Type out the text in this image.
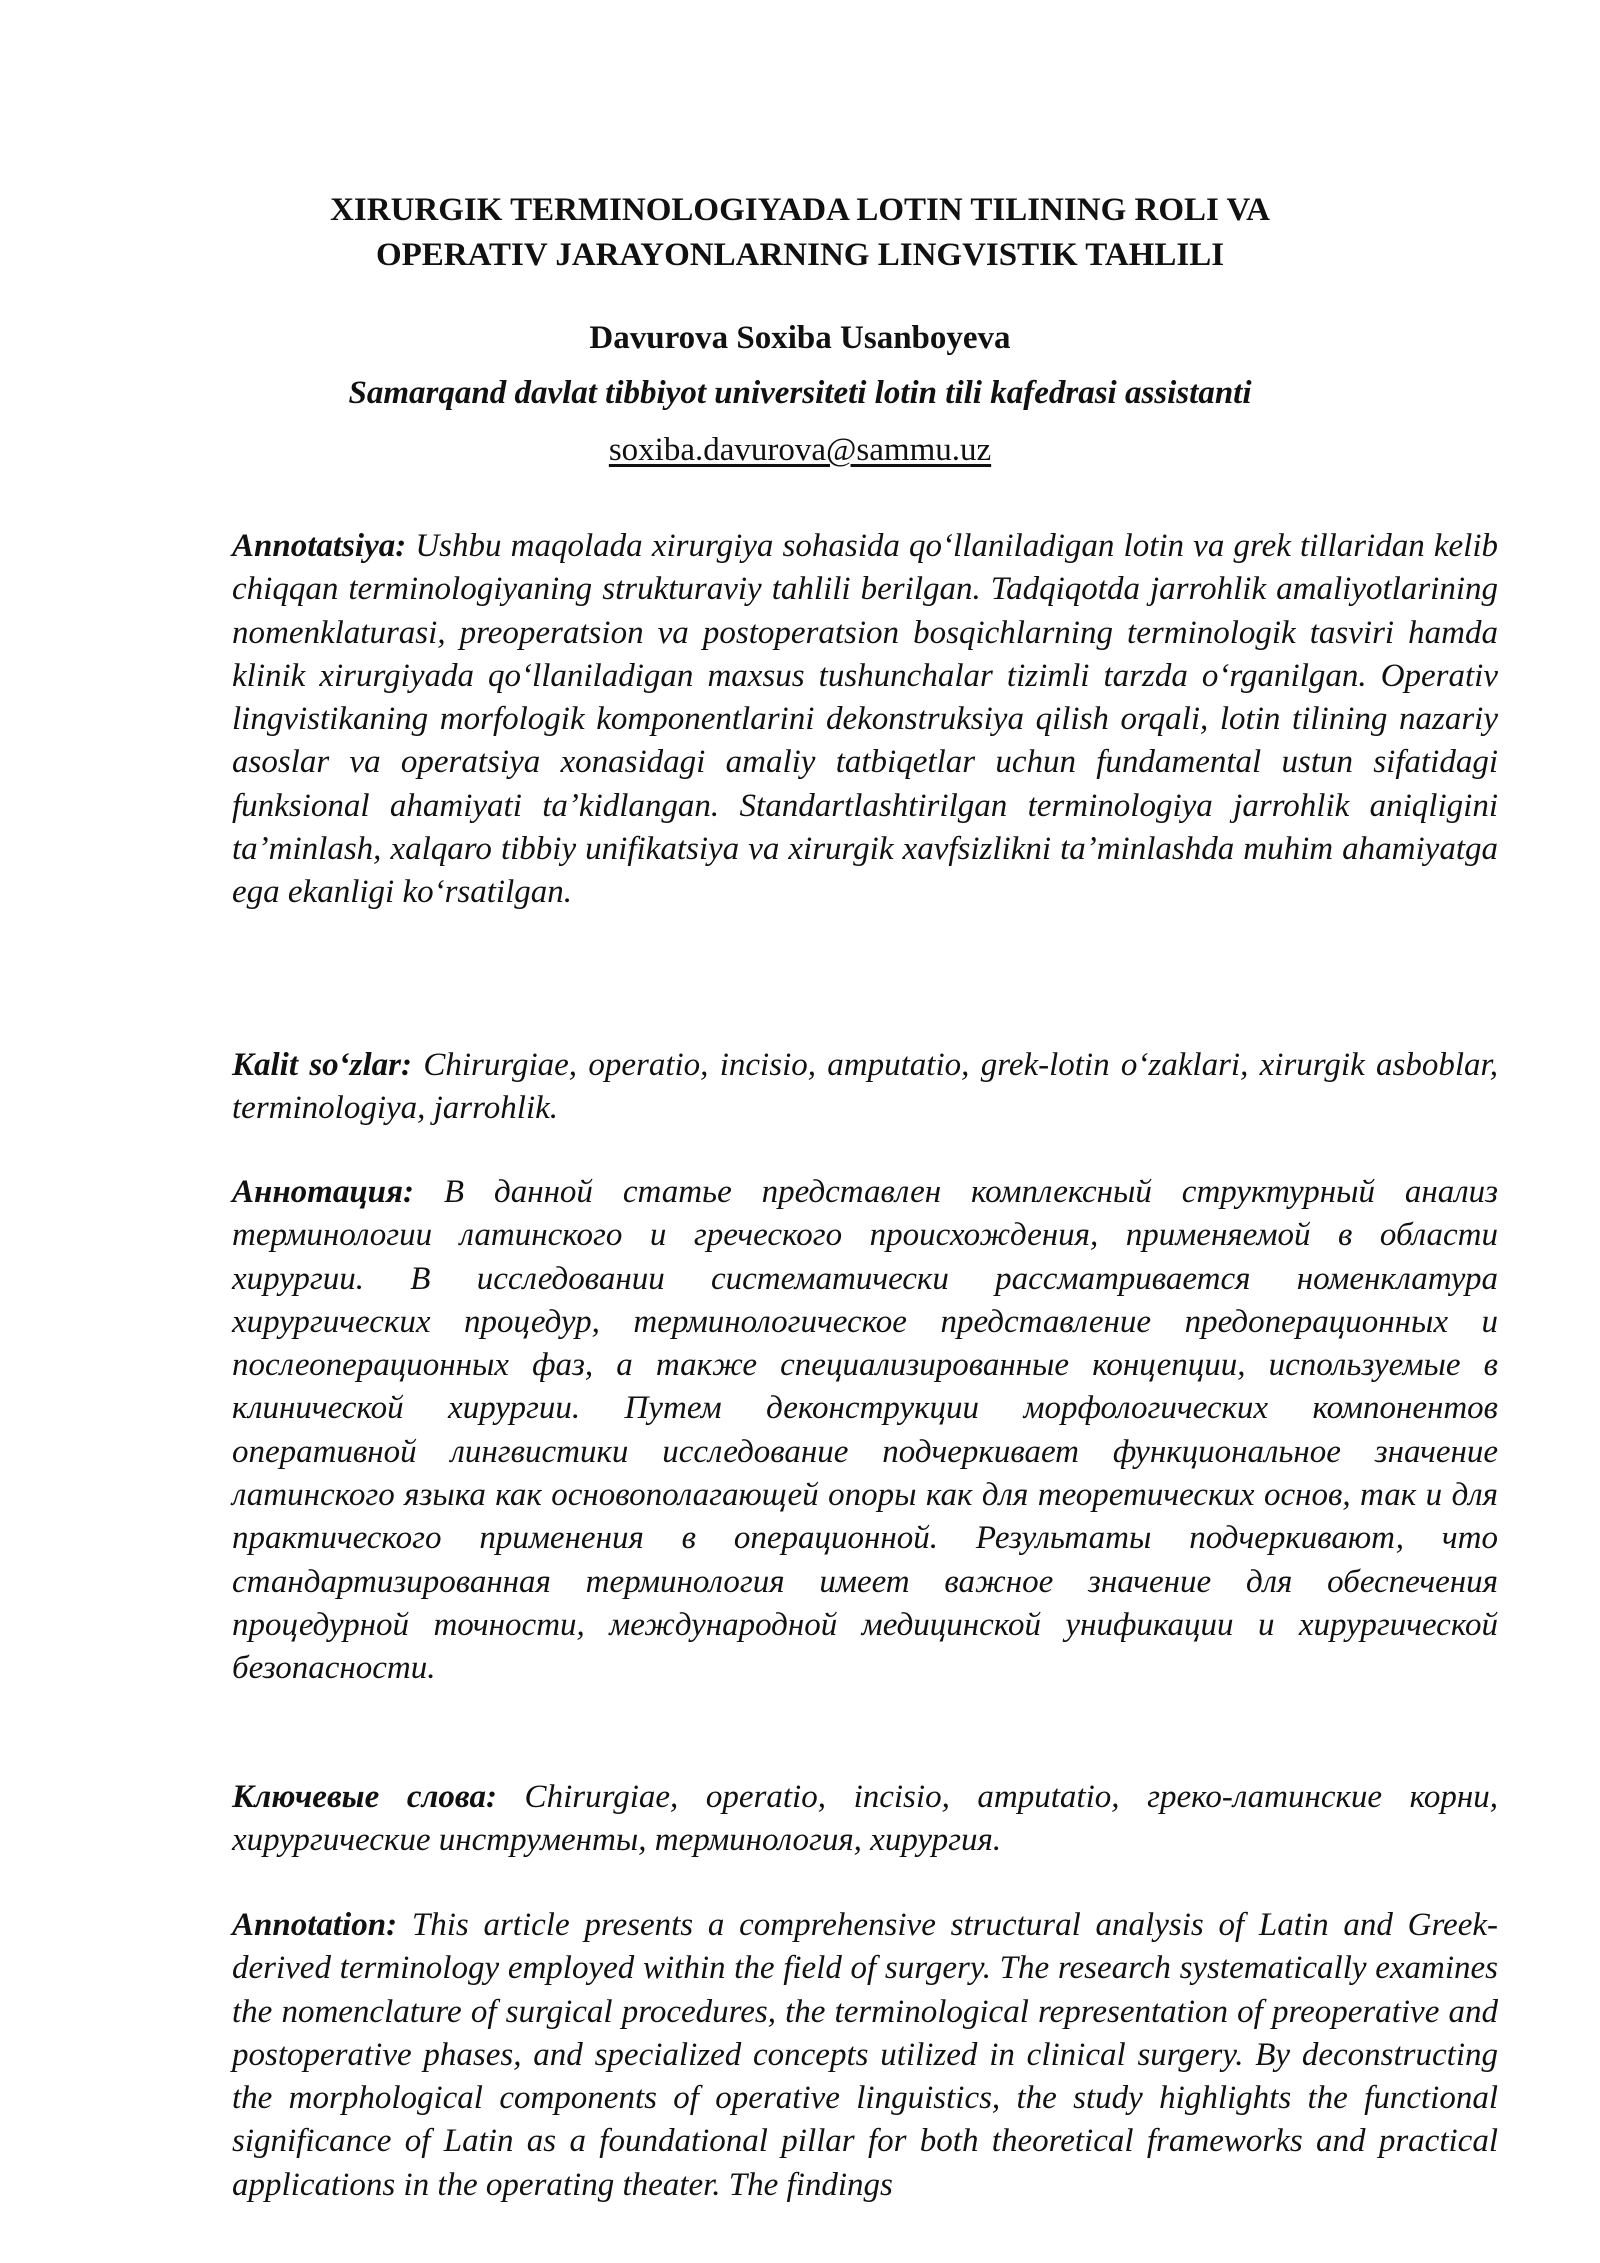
XIRURGIK TERMINOLOGIYADA LOTIN TILINING ROLI VA
OPERATIV JARAYONLARNING LINGVISTIK TAHLILI
Davurova Soxiba Usanboyeva
Samarqand davlat tibbiyot universiteti lotin tili kafedrasi assistanti
soxiba.davurova@sammu.uz

Annotatsiya: Ushbu maqolada xirurgiya sohasida qoʻllaniladigan lotin va grek tillaridan kelib chiqqan terminologiyaning strukturaviy tahlili berilgan. Tadqiqotda jarrohlik amaliyotlarining nomenklaturasi, preoperatsion va postoperatsion bosqichlarning terminologik tasviri hamda klinik xirurgiyada qoʻllaniladigan maxsus tushunchalar tizimli tarzda oʻrganilgan. Operativ lingvistikaning morfologik komponentlarini dekonstruksiya qilish orqali, lotin tilining nazariy asoslar va operatsiya xonasidagi amaliy tatbiqetlar uchun fundamental ustun sifatidagi funksional ahamiyati taʼkidlangan. Standartlashtirilgan terminologiya jarrohlik aniqligini taʼminlash, xalqaro tibbiy unifikatsiya va xirurgik xavfsizlikni taʼminlashda muhim ahamiyatga ega ekanligi koʻrsatilgan.

Kalit soʻzlar: Chirurgiae, operatio, incisio, amputatio, grek-lotin oʻzaklari, xirurgik asboblar, terminologiya, jarrohlik.

Аннотация: В данной статье представлен комплексный структурный анализ терминологии латинского и греческого происхождения, применяемой в области хирургии. В исследовании систематически рассматривается номенклатура хирургических процедур, терминологическое представление предоперационных и послеоперационных фаз, а также специализированные концепции, используемые в клинической хирургии. Путем деконструкции морфологических компонентов оперативной лингвистики исследование подчеркивает функциональное значение латинского языка как основополагающей опоры как для теоретических основ, так и для практического применения в операционной. Результаты подчеркивают, что стандартизированная терминология имеет важное значение для обеспечения процедурной точности, международной медицинской унификации и хирургической безопасности.

Ключевые слова: Chirurgiae, operatio, incisio, amputatio, греко-латинские корни, хирургические инструменты, терминология, хирургия.

Annotation: This article presents a comprehensive structural analysis of Latin and Greek-derived terminology employed within the field of surgery. The research systematically examines the nomenclature of surgical procedures, the terminological representation of preoperative and postoperative phases, and specialized concepts utilized in clinical surgery. By deconstructing the morphological components of operative linguistics, the study highlights the functional significance of Latin as a foundational pillar for both theoretical frameworks and practical applications in the operating theater. The findings
